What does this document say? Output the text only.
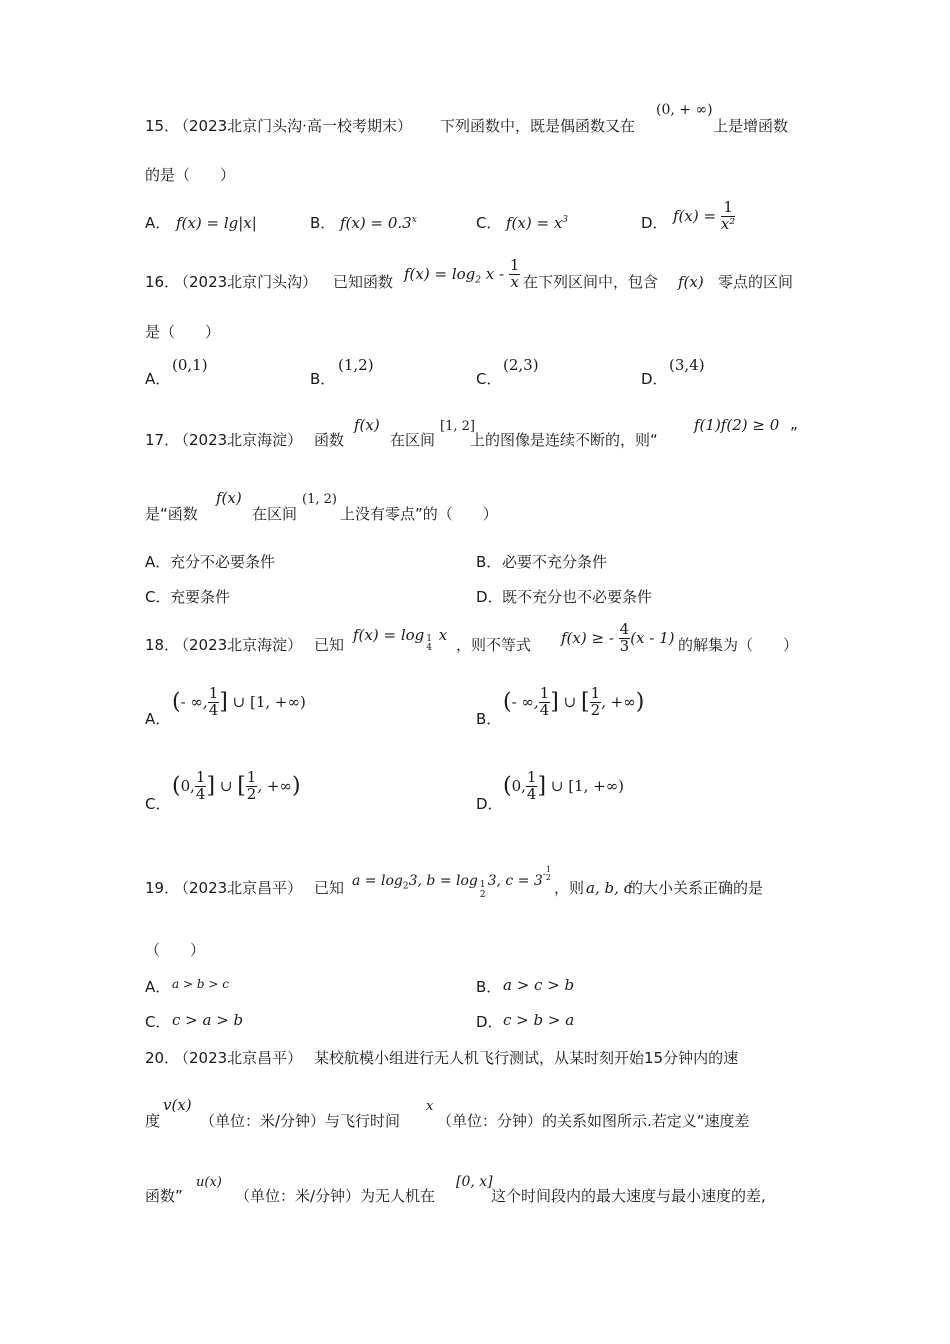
15．
（2023北京门头沟·高一校考期末） 下列函数中，既是偶函数又在
(0, + ∞)
上是增函数
的是（　　）
A． f(x) = lg|x|	B． $f(x) = 0.3^x$	C． $f(x) = x^3$	D． $f(x) = \frac{1}{\text{x²}}$
16．
（2023北京门头沟） 已知函数 $f(x) = \log_2 x - \frac{1}{x}$ 在下列区间中，包含 f(x) 零点的区间
是（　　）
A．
(0,1)
B．
(1,2)
C．
(2,3)
D．
(3,4)
17．
（2023北京海淀） 函数
f(x)
在区间
[1, 2]
上的图像是连续不断的，则“
f(1)f(2) ≥ 0 ”
是“函数
f(x)
在区间
(1, 2)
上没有零点”的（　　）
A． 充分不必要条件	B． 必要不充分条件
C． 充要条件	D． 既不充分也不必要条件
18．
（2023北京海淀） 已知
f(x) = log 1
4
x
，则不等式 f(x) ≥ - $\frac{4}{3} (x - 1)$ 的解集为（　　）
A．
(- ∞, $\frac{1}{4}$ ] ∪ [1, +∞)
B．
(- ∞, $\frac{1}{4}$ ] ∪ [ $\frac{1}{2}$ , +∞)
C．
(0, $\frac{1}{4}$ ] ∪ [ $\frac{1}{2}$ , +∞)
D．
(0, $\frac{1}{4}$ ] ∪ [1, +∞)
19．
（2023北京昌平） 已知 $a = \log_23$, b = log 1
2
3, $c = 3^{- 1 2}$
，则 a, b, c
的大小关系正确的是
（　　）
A． a > b > c	B． a > c > b
C． c > a > b	D． c > b > a
20．
（2023北京昌平） 某校航模小组进行无人机飞行测试，从某时刻开始15分钟内的速
度
v(x)
（单位：米/分钟）与飞行时间
x
（单位：分钟）的关系如图所示.若定义“速度差
函数”
u(x)
（单位：米/分钟）为无人机在
[0, x]
这个时间段内的最大速度与最小速度的差,
